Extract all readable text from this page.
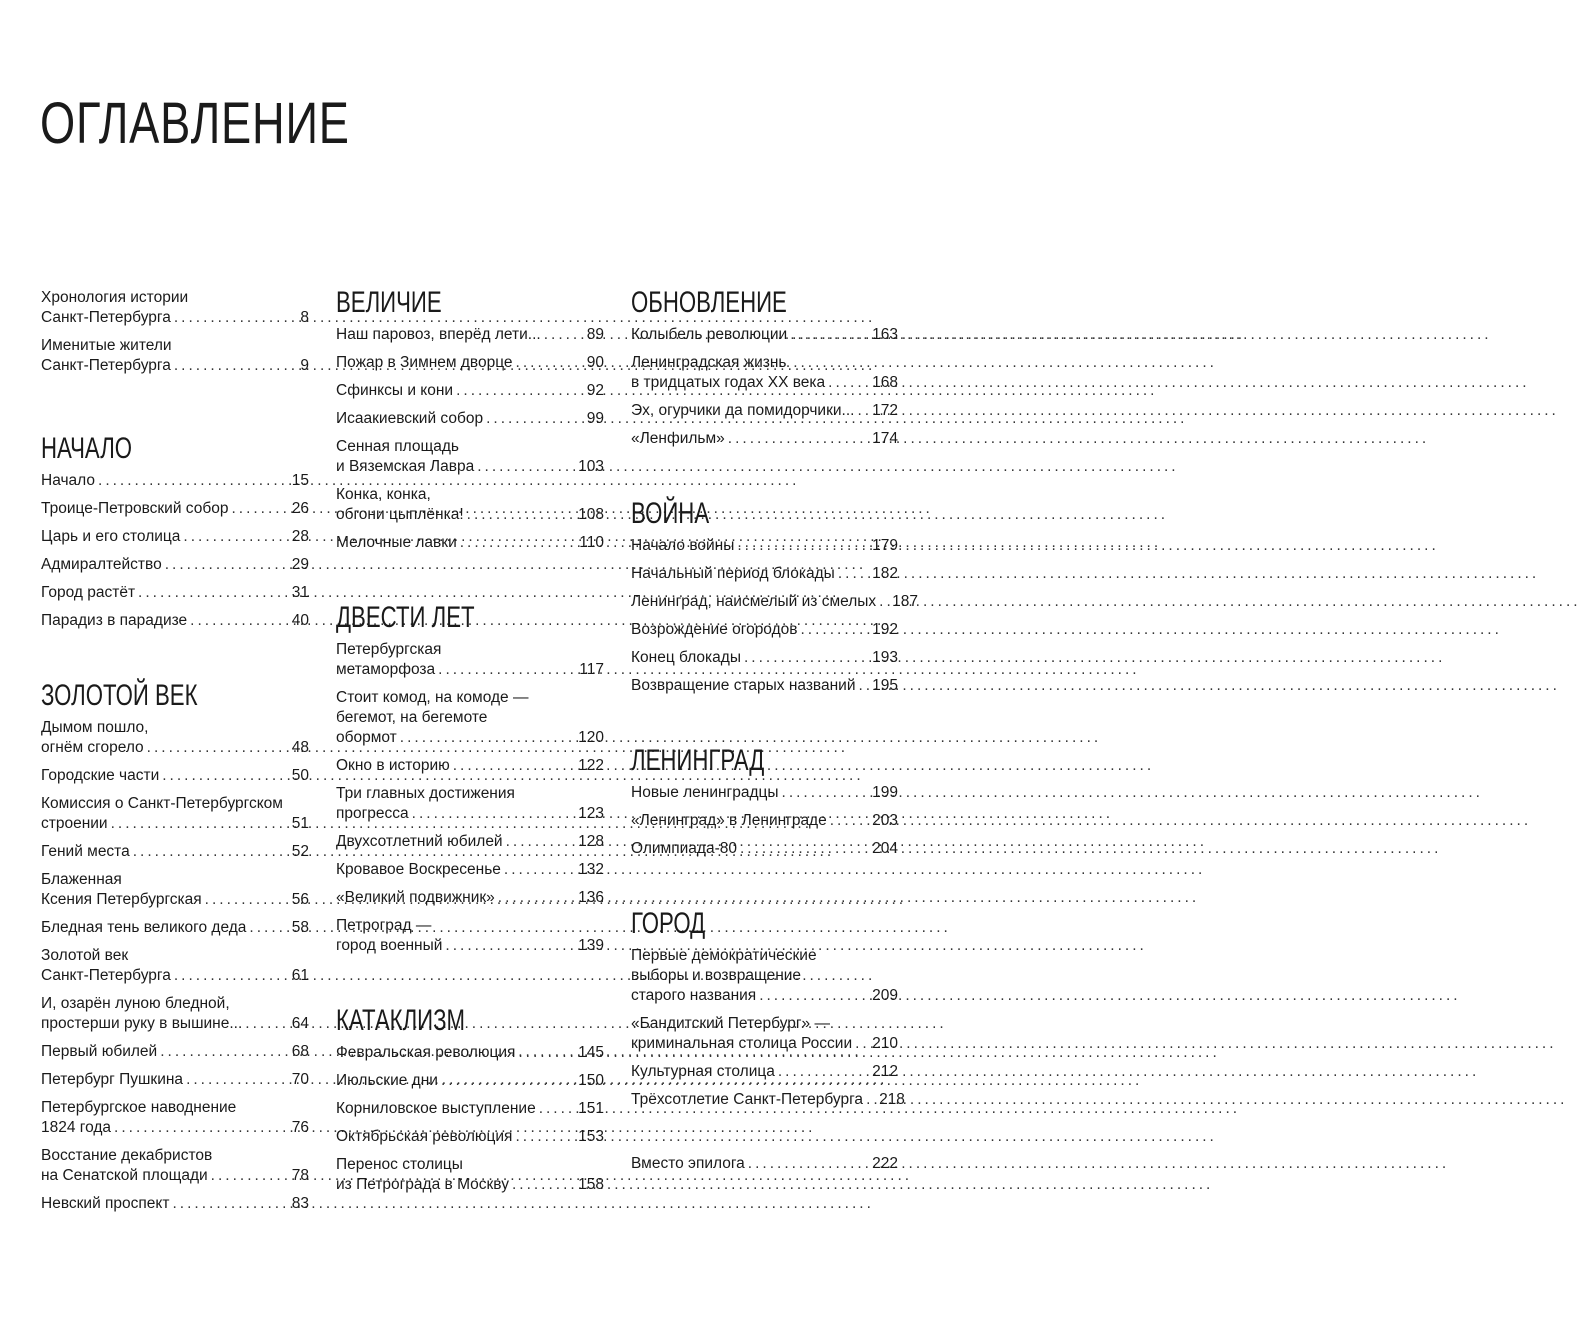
ОГЛАВЛЕНИЕ
Хронология истории
Санкт-Петербурга .....	8
Именитые жители
Санкт-Петербурга .....	9
НАЧАЛО
Начало .....	15
Троице-Петровский собор .....	26
Царь и его столица .....	28
Адмиралтейство .....	29
Город растёт .....	31
Парадиз в парадизе .....	40
ЗОЛОТОЙ ВЕК
Дымом пошло,
огнём сгорело .....	48
Городские части .....	50
Комиссия о Санкт-Петербургском
строении .....	51
Гений места .....	52
Блаженная
Ксения Петербургская .....	56
Бледная тень великого деда .....	58
Золотой век
Санкт-Петербурга .....	61
И, озарён луною бледной,
простерши руку в вышине... .....	64
Первый юбилей .....	68
Петербург Пушкина .....	70
Петербургское наводнение
1824 года .....	76
Восстание декабристов
на Сенатской площади .....	78
Невский проспект .....	83
ВЕЛИЧИЕ
Наш паровоз, вперёд лети... .....	89
Пожар в Зимнем дворце .....	90
Сфинксы и кони .....	92
Исаакиевский собор .....	99
Сенная площадь
и Вяземская Лавра .....	103
Конка, конка,
обгони цыплёнка! .....	108
Мелочные лавки .....	110
ДВЕСТИ ЛЕТ
Петербургская
метаморфоза .....	117
Стоит комод, на комоде —
бегемот, на бегемоте
обормот .....	120
Окно в историю .....	122
Три главных достижения
прогресса .....	123
Двухсотлетний юбилей .....	128
Кровавое Воскресенье .....	132
«Великий подвижник» .....	136
Петроград —
город военный .....	139
КАТАКЛИЗМ
Февральская революция .....	145
Июльские дни .....	150
Корниловское выступление .....	151
Октябрьская революция .....	153
Перенос столицы
из Петрограда в Москву .....	158
ОБНОВЛЕНИЕ
Колыбель революции .....	163
Ленинградская жизнь
в тридцатых годах XX века .....	168
Эх, огурчики да помидорчики... ..... 172
«Ленфильм» .....	174
ВОЙНА
Начало войны .....	179
Начальный период блокады ..... 182
Ленинград, наисмелый из смелых ..... 187
Возрождение огородов .....	192
Конец блокады .....	193
Возвращение старых названий ..... 195
ЛЕНИНГРАД
Новые ленинградцы .....	199
«Ленинград» в Ленинграде .....	203
Олимпиада-80 .....	204
ГОРОД
Первые демократические
выборы и возвращение
старого названия .....	209
«Бандитский Петербург» —
криминальная столица России ..... 210
Культурная столица .....	212
Трёхсотлетие Санкт-Петербурга ..... 218
Вместо эпилога .....	222
